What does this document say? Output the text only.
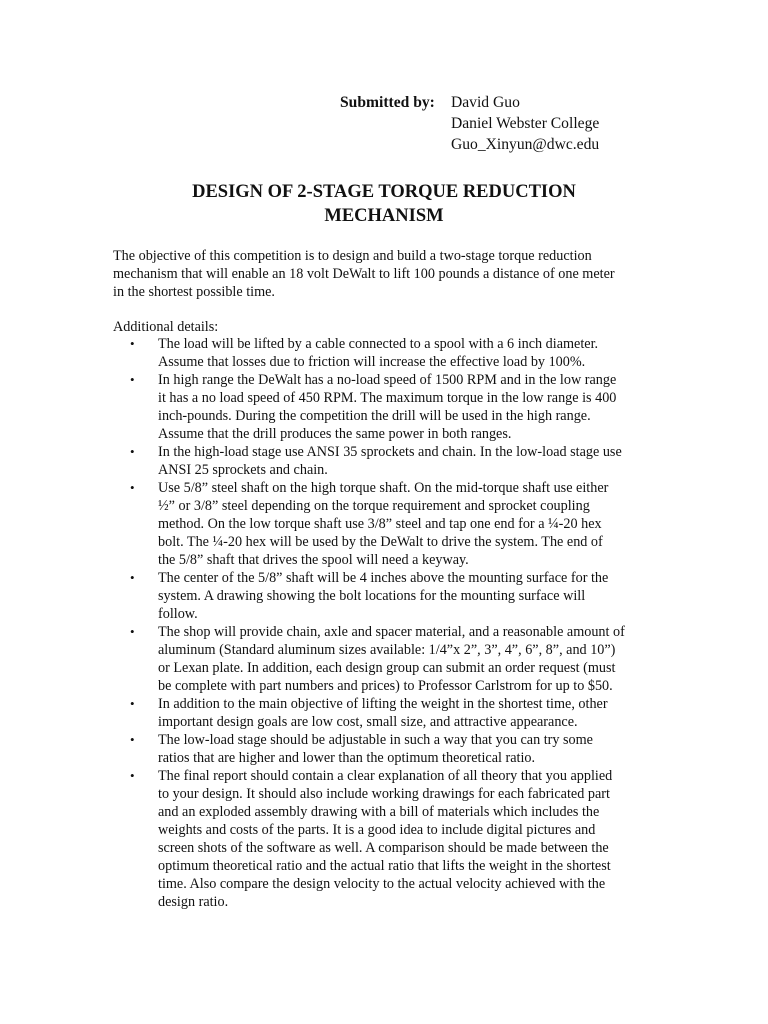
Submitted by:	David Guo
Daniel Webster College
Guo_Xinyun@dwc.edu
DESIGN OF 2-STAGE TORQUE REDUCTION
MECHANISM
The objective of this competition is to design and build a two-stage torque reduction
mechanism that will enable an 18 volt DeWalt to lift 100 pounds a distance of one meter
in the shortest possible time.
Additional details:
• The load will be lifted by a cable connected to a spool with a 6 inch diameter.
Assume that losses due to friction will increase the effective load by 100%.
• In high range the DeWalt has a no-load speed of 1500 RPM and in the low range
it has a no load speed of 450 RPM. The maximum torque in the low range is 400
inch-pounds. During the competition the drill will be used in the high range.
Assume that the drill produces the same power in both ranges.
• In the high-load stage use ANSI 35 sprockets and chain. In the low-load stage use
ANSI 25 sprockets and chain.
• Use 5/8” steel shaft on the high torque shaft. On the mid-torque shaft use either
½” or 3/8” steel depending on the torque requirement and sprocket coupling
method. On the low torque shaft use 3/8” steel and tap one end for a ¼-20 hex
bolt. The ¼-20 hex will be used by the DeWalt to drive the system. The end of
the 5/8” shaft that drives the spool will need a keyway.
• The center of the 5/8” shaft will be 4 inches above the mounting surface for the
system. A drawing showing the bolt locations for the mounting surface will
follow.
• The shop will provide chain, axle and spacer material, and a reasonable amount of
aluminum (Standard aluminum sizes available: 1/4”x 2”, 3”, 4”, 6”, 8”, and 10”)
or Lexan plate. In addition, each design group can submit an order request (must
be complete with part numbers and prices) to Professor Carlstrom for up to $50.
• In addition to the main objective of lifting the weight in the shortest time, other
important design goals are low cost, small size, and attractive appearance.
• The low-load stage should be adjustable in such a way that you can try some
ratios that are higher and lower than the optimum theoretical ratio.
• The final report should contain a clear explanation of all theory that you applied
to your design. It should also include working drawings for each fabricated part
and an exploded assembly drawing with a bill of materials which includes the
weights and costs of the parts. It is a good idea to include digital pictures and
screen shots of the software as well. A comparison should be made between the
optimum theoretical ratio and the actual ratio that lifts the weight in the shortest
time. Also compare the design velocity to the actual velocity achieved with the
design ratio.
